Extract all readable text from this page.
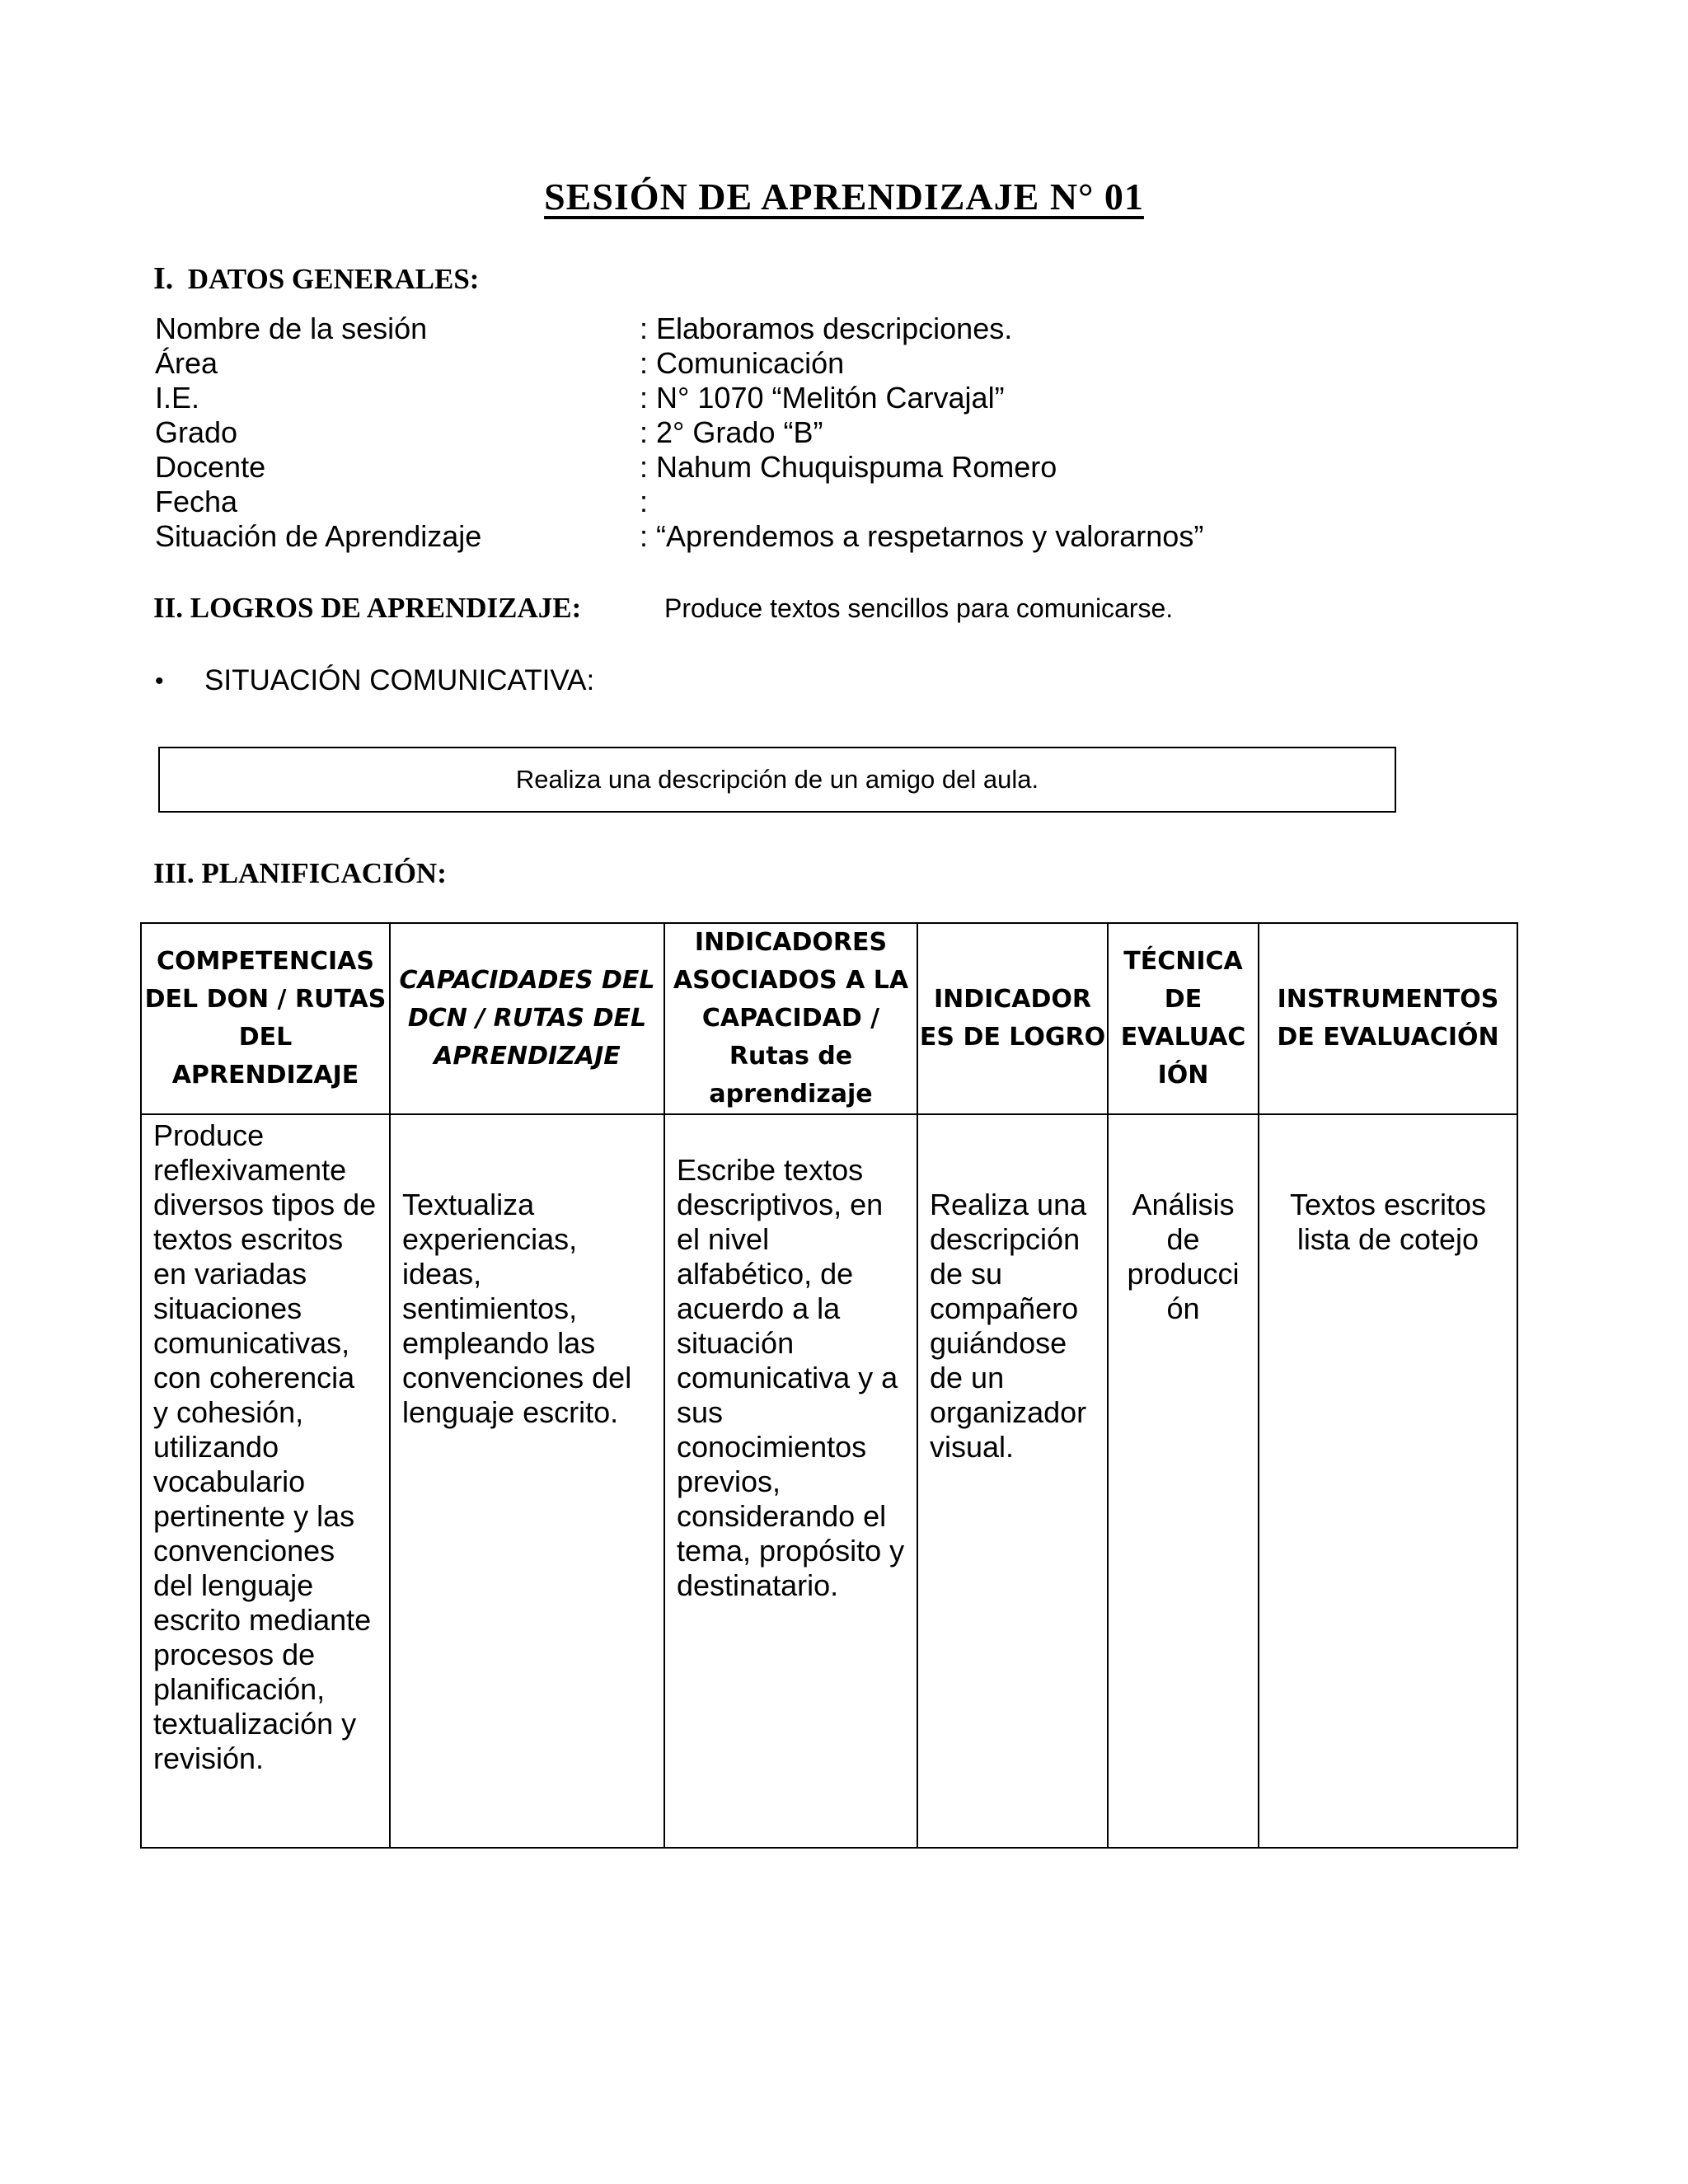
SESIÓN DE APRENDIZAJE N° 01
I. DATOS GENERALES:
Nombre de la sesión	: Elaboramos descripciones.
Área	: Comunicación
I.E.	: N° 1070 “Melitón Carvajal”
Grado	: 2° Grado “B”
Docente	: Nahum Chuquispuma Romero
Fecha	:
Situación de Aprendizaje	: “Aprendemos a respetarnos y valorarnos”
II. LOGROS DE APRENDIZAJE:	Produce textos sencillos para comunicarse.
• SITUACIÓN COMUNICATIVA:
Realiza una descripción de un amigo del aula.
III. PLANIFICACIÓN:
COMPETENCIAS DEL DON / RUTAS DEL APRENDIZAJE	CAPACIDADES DEL DCN / RUTAS DEL APRENDIZAJE	INDICADORES ASOCIADOS A LA CAPACIDAD / Rutas de aprendizaje	INDICADOR ES DE LOGRO	TÉCNICA DE EVALUAC IÓN	INSTRUMENTOS DE EVALUACIÓN

Produce reflexivamente diversos tipos de textos escritos en variadas situaciones comunicativas, con coherencia y cohesión, utilizando vocabulario pertinente y las convenciones del lenguaje escrito mediante procesos de planificación, textualización y revisión.	Textualiza experiencias, ideas, sentimientos, empleando las convenciones del lenguaje escrito.	Escribe textos descriptivos, en el nivel alfabético, de acuerdo a la situación comunicativa y a sus conocimientos previos, considerando el tema, propósito y destinatario.	Realiza una descripción de su compañero guiándose de un organizador visual.	Análisis de producci ón	Textos escritos lista de cotejo
